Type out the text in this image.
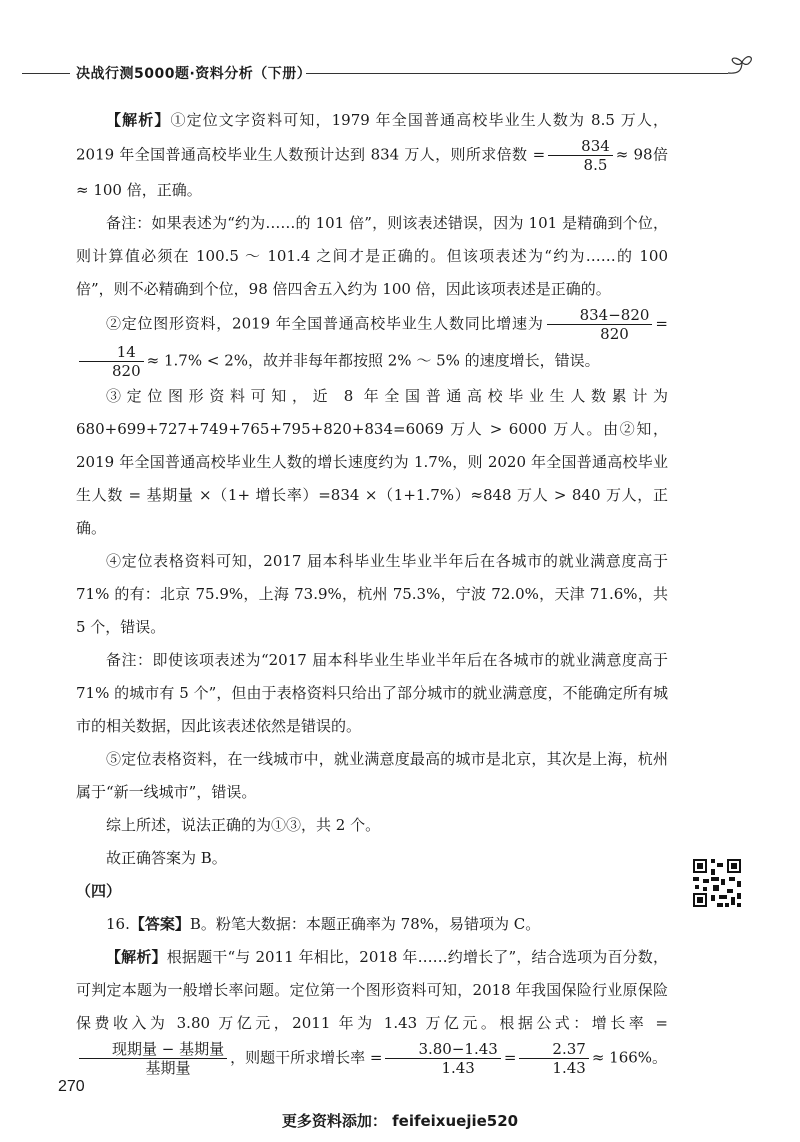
决战行测5000题·资料分析（下册）

【解析】①定位文字资料可知，1979 年全国普通高校毕业生人数为 8.5 万人，2019 年全国普通高校毕业生人数预计达到 834 万人，则所求倍数 = $\frac{834}{8.5} \approx 98$倍 ≈ 100 倍，正确。

备注：如果表述为“约为……的 101 倍”，则该表述错误，因为 101 是精确到个位，则计算值必须在 100.5 ～ 101.4 之间才是正确的。但该项表述为“约为……的 100 倍”，则不必精确到个位，98 倍四舍五入约为 100 倍，因此该项表述是正确的。

②定位图形资料，2019 年全国普通高校毕业生人数同比增速为 $\frac{834-820}{820}$ =
$\frac{14}{820} \approx 1.7\% < 2\%$，故并非每年都按照 2% ～ 5% 的速度增长，错误。

③定位图形资料可知，近 8 年全国普通高校毕业生人数累计为 680+699+727+749+765+795+820+834=6069 万人 > 6000 万人。由②知，2019 年全国普通高校毕业生人数的增长速度约为 1.7%，则 2020 年全国普通高校毕业生人数 = 基期量 ×（1+ 增长率）=834 ×（1+1.7%）≈848 万人 > 840 万人，正确。

④定位表格资料可知，2017 届本科毕业生毕业半年后在各城市的就业满意度高于 71% 的有：北京 75.9%，上海 73.9%，杭州 75.3%，宁波 72.0%，天津 71.6%，共 5 个，错误。

备注：即使该项表述为“2017 届本科毕业生毕业半年后在各城市的就业满意度高于 71% 的城市有 5 个”，但由于表格资料只给出了部分城市的就业满意度，不能确定所有城市的相关数据，因此该表述依然是错误的。

⑤定位表格资料，在一线城市中，就业满意度最高的城市是北京，其次是上海，杭州属于“新一线城市”，错误。

综上所述，说法正确的为①③，共 2 个。

故正确答案为 B。

（四）

16.【答案】B。粉笔大数据：本题正确率为 78%，易错项为 C。

【解析】根据题干“与 2011 年相比，2018 年……约增长了”，结合选项为百分数，可判定本题为一般增长率问题。定位第一个图形资料可知，2018 年我国保险行业原保险保费收入为 3.80 万亿元，2011 年为 1.43 万亿元。根据公式：增长率 =
$\frac{\text{现期量 − 基期量}}{\text{基期量}}$ ，则题干所求增长率 = $\frac{3.80-1.43}{1.43} = \frac{2.37}{1.43} \approx 166\%$。

270
更多资料添加： feifeixuejie520
